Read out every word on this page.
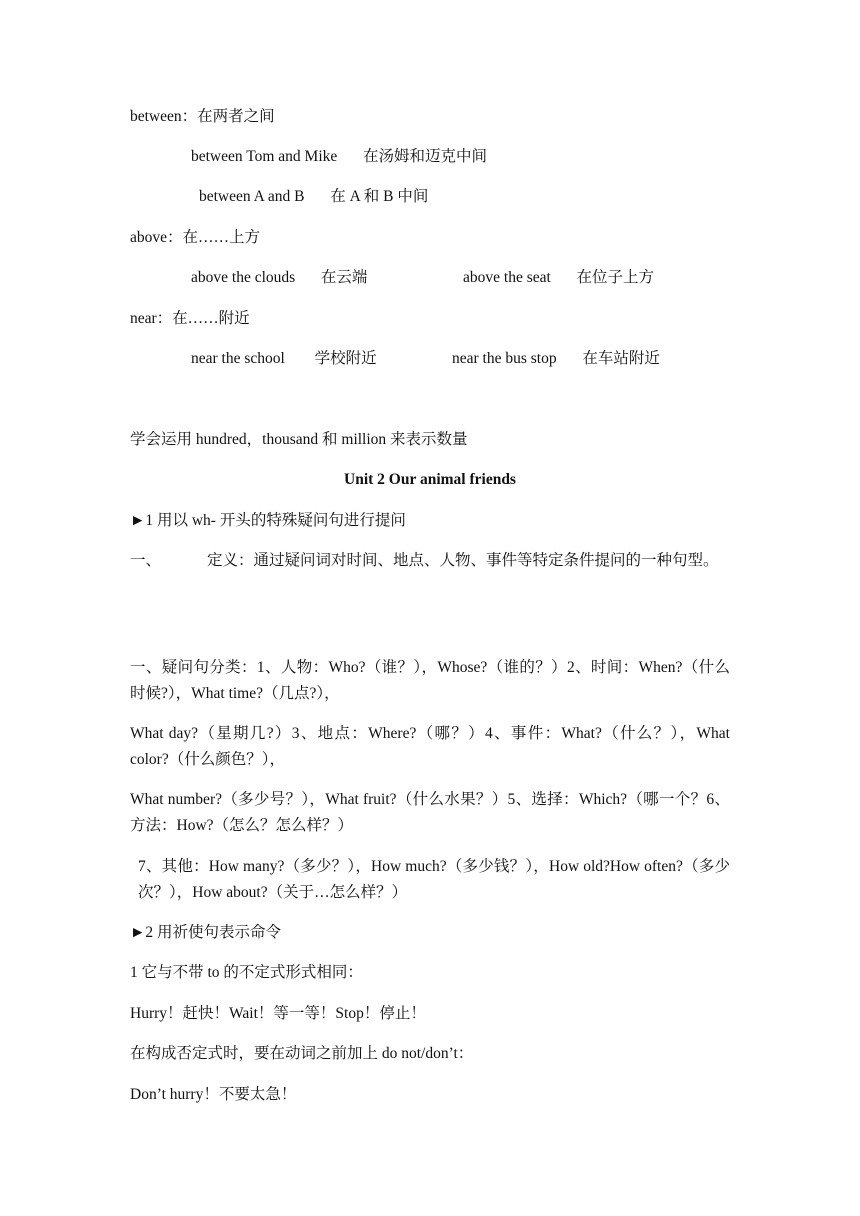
between：在两者之间
between Tom and Mike 在汤姆和迈克中间
between A and B 在 A 和 B 中间
above：在……上方
above the clouds 在云端	above the seat 在位子上方
near：在……附近
near the school 学校附近	near the bus stop 在车站附近
学会运用 hundred，thousand 和 million 来表示数量
Unit 2 Our animal friends
►1 用以 wh- 开头的特殊疑问句进行提问
一、	定义：通过疑问词对时间、地点、人物、事件等特定条件提问的一种句型。
一、疑问句分类：1、人物：Who?（谁？），Whose?（谁的？）2、时间：When?（什么时候?），What time?（几点?），
What day?（星期几?）3、地点：Where?（哪？）4、事件：What?（什么？），What color?（什么颜色？），
What number?（多少号？），What fruit?（什么水果？）5、选择：Which?（哪一个？6、方法：How?（怎么？怎么样？）
7、其他：How many?（多少？），How much?（多少钱？），How old?How often?（多少次？），How about?（关于…怎么样？）
►2 用祈使句表示命令
1 它与不带 to 的不定式形式相同：
Hurry！赶快！Wait！等一等！Stop！停止！
在构成否定式时，要在动词之前加上 do not/don’t：
Don’t hurry！不要太急！
